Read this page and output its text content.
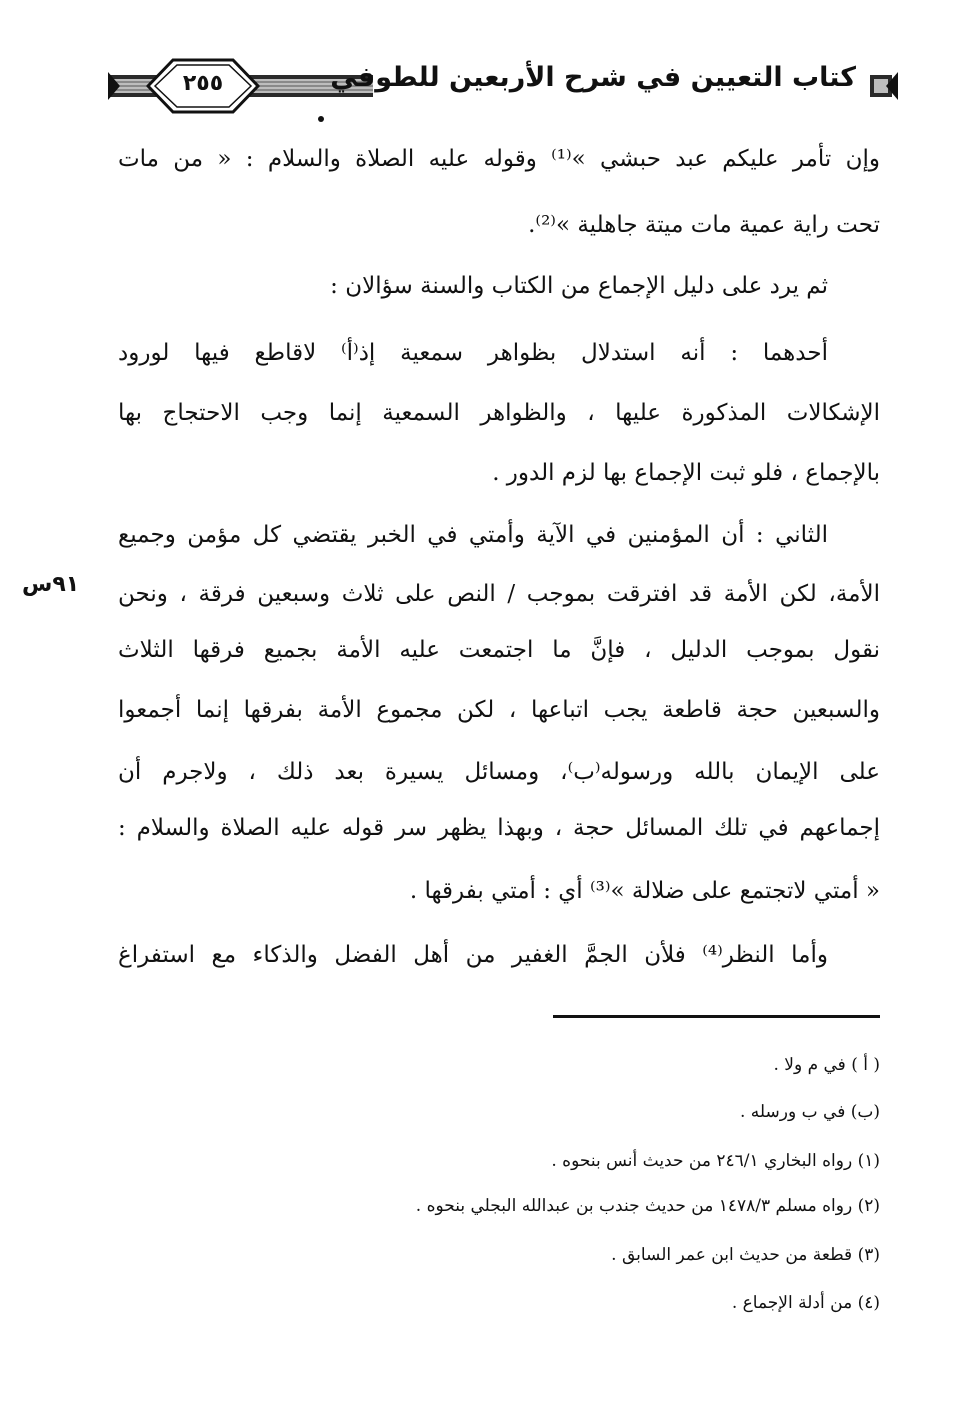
٢٥٥	كتاب التعيين في شرح الأربعين للطوفي
٩١س
وإن تأمر عليكم عبد حبشي »⁽¹⁾ وقوله عليه الصلاة والسلام : « من مات
تحت راية عمية مات ميتة جاهلية »⁽²⁾.
ثم يرد على دليل الإجماع من الكتاب والسنة سؤالان :
أحدهما : أنه استدلال بظواهر سمعية إذ⁽أ⁾ لاقاطع فيها لورود
الإشكالات المذكورة عليها ، والظواهر السمعية إنما وجب الاحتجاج بها
بالإجماع ، فلو ثبت الإجماع بها لزم الدور .
الثاني : أن المؤمنين في الآية وأمتي في الخبر يقتضي كل مؤمن وجميع
الأمة، لكن الأمة قد افترقت بموجب / النص على ثلاث وسبعين فرقة ، ونحن
نقول بموجب الدليل ، فإنَّ ما اجتمعت عليه الأمة بجميع فرقها الثلاث
والسبعين حجة قاطعة يجب اتباعها ، لكن مجموع الأمة بفرقها إنما أجمعوا
على الإيمان بالله ورسوله⁽ب⁾، ومسائل يسيرة بعد ذلك ، ولاجرم أن
إجماعهم في تلك المسائل حجة ، وبهذا يظهر سر قوله عليه الصلاة والسلام :
« أمتي لاتجتمع على ضلالة »⁽³⁾ أي : أمتي بفرقها .
وأما النظر⁽⁴⁾ فلأن الجمَّ الغفير من أهل الفضل والذكاء مع استفراغ
( أ ) في م ولا .
(ب) في ب ورسله .
(١) رواه البخاري ٢٤٦/١ من حديث أنس بنحوه .
(٢) رواه مسلم ١٤٧٨/٣ من حديث جندب بن عبدالله البجلي بنحوه .
(٣) قطعة من حديث ابن عمر السابق .
(٤) من أدلة الإجماع .
